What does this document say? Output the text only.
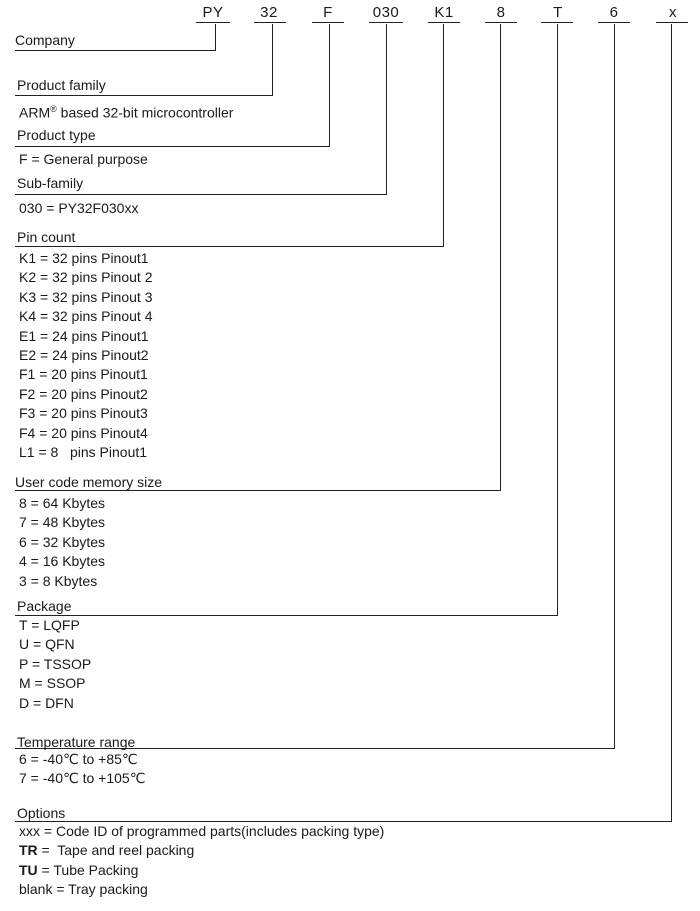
PY	32	F	030	K1	8	T	6	x
Company
Product family
ARM® based 32-bit microcontroller
Product type
F = General purpose
Sub-family
030 = PY32F030xx
Pin count
K1 = 32 pins Pinout1
K2 = 32 pins Pinout 2
K3 = 32 pins Pinout 3
K4 = 32 pins Pinout 4
E1 = 24 pins Pinout1
E2 = 24 pins Pinout2
F1 = 20 pins Pinout1
F2 = 20 pins Pinout2
F3 = 20 pins Pinout3
F4 = 20 pins Pinout4
L1 = 8   pins Pinout1
User code memory size
8 = 64 Kbytes
7 = 48 Kbytes
6 = 32 Kbytes
4 = 16 Kbytes
3 = 8 Kbytes
Package
T = LQFP
U = QFN
P = TSSOP
M = SSOP
D = DFN
Temperature range
6 = -40℃ to +85℃
7 = -40℃ to +105℃
Options
xxx = Code ID of programmed parts(includes packing type)
TR =  Tape and reel packing
TU = Tube Packing
blank = Tray packing
